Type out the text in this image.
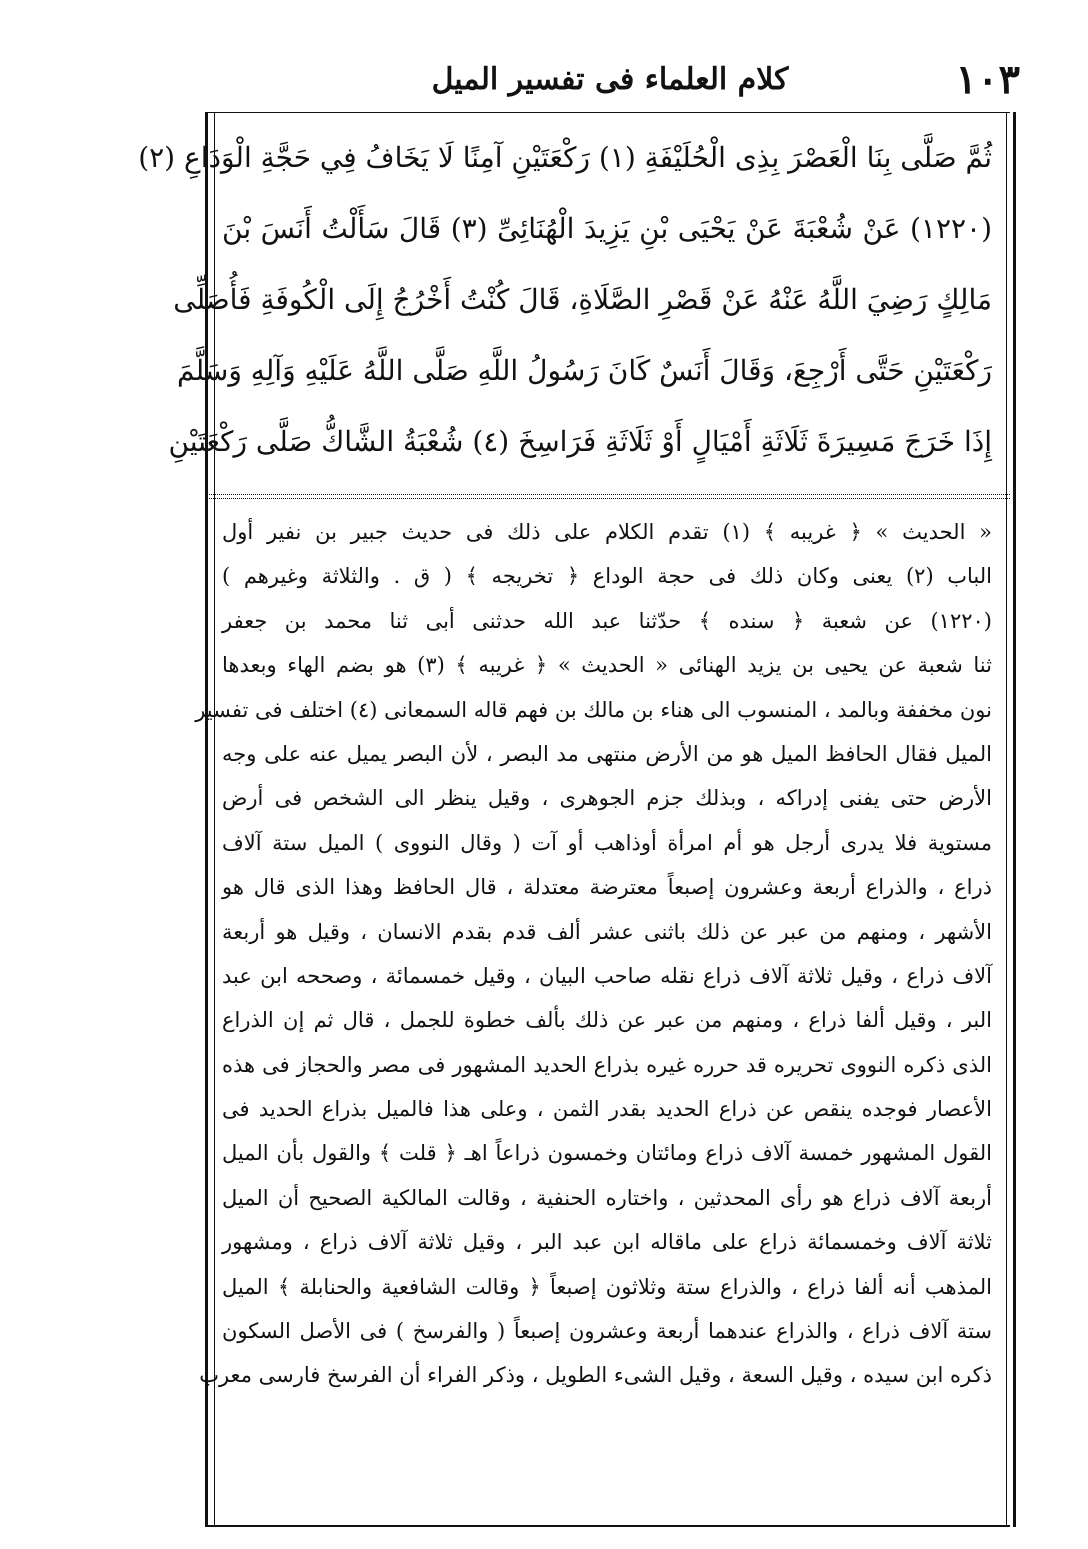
١٠٣
كلام العلماء فى تفسير الميل
ثُمَّ صَلَّى بِنَا الْعَصْرَ بِذِى الْحُلَيْفَةِ (١) رَكْعَتَيْنِ آمِنًا لَا يَخَافُ فِي حَجَّةِ الْوَدَاعِ (٢)
(١٢٢٠) عَنْ شُعْبَةَ عَنْ يَحْيَى بْنِ يَزِيدَ الْهُنَائِىِّ (٣) قَالَ سَأَلْتُ أَنَسَ بْنَ
مَالِكٍ رَضِيَ اللَّهُ عَنْهُ عَنْ قَصْرِ الصَّلَاةِ، قَالَ كُنْتُ أَخْرُجُ إِلَى الْكُوفَةِ فَأُصَلِّى
رَكْعَتَيْنِ حَتَّى أَرْجِعَ، وَقَالَ أَنَسٌ كَانَ رَسُولُ اللَّهِ صَلَّى اللَّهُ عَلَيْهِ وَآلِهِ وَسَلَّمَ
إِذَا خَرَجَ مَسِيرَةَ ثَلَاثَةِ أَمْيَالٍ أَوْ ثَلَاثَةِ فَرَاسِخَ (٤) شُعْبَةُ الشَّاكُّ صَلَّى رَكْعَتَيْنِ
« الحديث » ﴿ غريبه ﴾ (١) تقدم الكلام على ذلك فى حديث جبير بن نفير أول
الباب (٢) يعنى وكان ذلك فى حجة الوداع ﴿ تخريجه ﴾ ( ق . والثلاثة وغيرهم )
(١٢٢٠) عن شعبة ﴿ سنده ﴾ حدّثنا عبد الله حدثنى أبى ثنا محمد بن جعفر
ثنا شعبة عن يحيى بن يزيد الهنائى « الحديث » ﴿ غريبه ﴾ (٣) هو بضم الهاء وبعدها
نون مخففة وبالمد ، المنسوب الى هناء بن مالك بن فهم قاله السمعانى (٤) اختلف فى تفسير
الميل فقال الحافظ الميل هو من الأرض منتهى مد البصر ، لأن البصر يميل عنه على وجه
الأرض حتى يفنى إدراكه ، وبذلك جزم الجوهرى ، وقيل ينظر الى الشخص فى أرض
مستوية فلا يدرى أرجل هو أم امرأة أوذاهب أو آت ( وقال النووى ) الميل ستة آلاف
ذراع ، والذراع أربعة وعشرون إصبعاً معترضة معتدلة ، قال الحافظ وهذا الذى قال هو
الأشهر ، ومنهم من عبر عن ذلك باثنى عشر ألف قدم بقدم الانسان ، وقيل هو أربعة
آلاف ذراع ، وقيل ثلاثة آلاف ذراع نقله صاحب البيان ، وقيل خمسمائة ، وصححه ابن عبد
البر ، وقيل ألفا ذراع ، ومنهم من عبر عن ذلك بألف خطوة للجمل ، قال ثم إن الذراع
الذى ذكره النووى تحريره قد حرره غيره بذراع الحديد المشهور فى مصر والحجاز فى هذه
الأعصار فوجده ينقص عن ذراع الحديد بقدر الثمن ، وعلى هذا فالميل بذراع الحديد فى
القول المشهور خمسة آلاف ذراع ومائتان وخمسون ذراعاً اهـ ﴿ قلت ﴾ والقول بأن الميل
أربعة آلاف ذراع هو رأى المحدثين ، واختاره الحنفية ، وقالت المالكية الصحيح أن الميل
ثلاثة آلاف وخمسمائة ذراع على ماقاله ابن عبد البر ، وقيل ثلاثة آلاف ذراع ، ومشهور
المذهب أنه ألفا ذراع ، والذراع ستة وثلاثون إصبعاً ﴿ وقالت الشافعية والحنابلة ﴾ الميل
ستة آلاف ذراع ، والذراع عندهما أربعة وعشرون إصبعاً ( والفرسخ ) فى الأصل السكون
ذكره ابن سيده ، وقيل السعة ، وقيل الشىء الطويل ، وذكر الفراء أن الفرسخ فارسى معرب
